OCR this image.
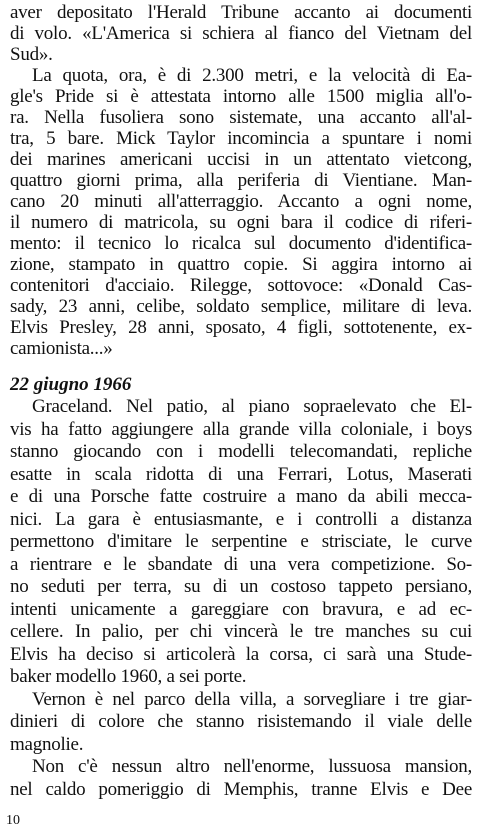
aver depositato l'Herald Tribune accanto ai documenti
di volo. «L'America si schiera al fianco del Vietnam del
Sud».
La quota, ora, è di 2.300 metri, e la velocità di Ea-
gle's Pride si è attestata intorno alle 1500 miglia all'o-
ra. Nella fusoliera sono sistemate, una accanto all'al-
tra, 5 bare. Mick Taylor incomincia a spuntare i nomi
dei marines americani uccisi in un attentato vietcong,
quattro giorni prima, alla periferia di Vientiane. Man-
cano 20 minuti all'atterraggio. Accanto a ogni nome,
il numero di matricola, su ogni bara il codice di riferi-
mento: il tecnico lo ricalca sul documento d'identifica-
zione, stampato in quattro copie. Si aggira intorno ai
contenitori d'acciaio. Rilegge, sottovoce: «Donald Cas-
sady, 23 anni, celibe, soldato semplice, militare di leva.
Elvis Presley, 28 anni, sposato, 4 figli, sottotenente, ex-
camionista...»
22 giugno 1966
Graceland. Nel patio, al piano sopraelevato che El-
vis ha fatto aggiungere alla grande villa coloniale, i boys
stanno giocando con i modelli telecomandati, repliche
esatte in scala ridotta di una Ferrari, Lotus, Maserati
e di una Porsche fatte costruire a mano da abili mecca-
nici. La gara è entusiasmante, e i controlli a distanza
permettono d'imitare le serpentine e strisciate, le curve
a rientrare e le sbandate di una vera competizione. So-
no seduti per terra, su di un costoso tappeto persiano,
intenti unicamente a gareggiare con bravura, e ad ec-
cellere. In palio, per chi vincerà le tre manches su cui
Elvis ha deciso si articolerà la corsa, ci sarà una Stude-
baker modello 1960, a sei porte.
Vernon è nel parco della villa, a sorvegliare i tre giar-
dinieri di colore che stanno risistemando il viale delle
magnolie.
10
Non c'è nessun altro nell'enorme, lussuosa mansion,
nel caldo pomeriggio di Memphis, tranne Elvis e Dee
